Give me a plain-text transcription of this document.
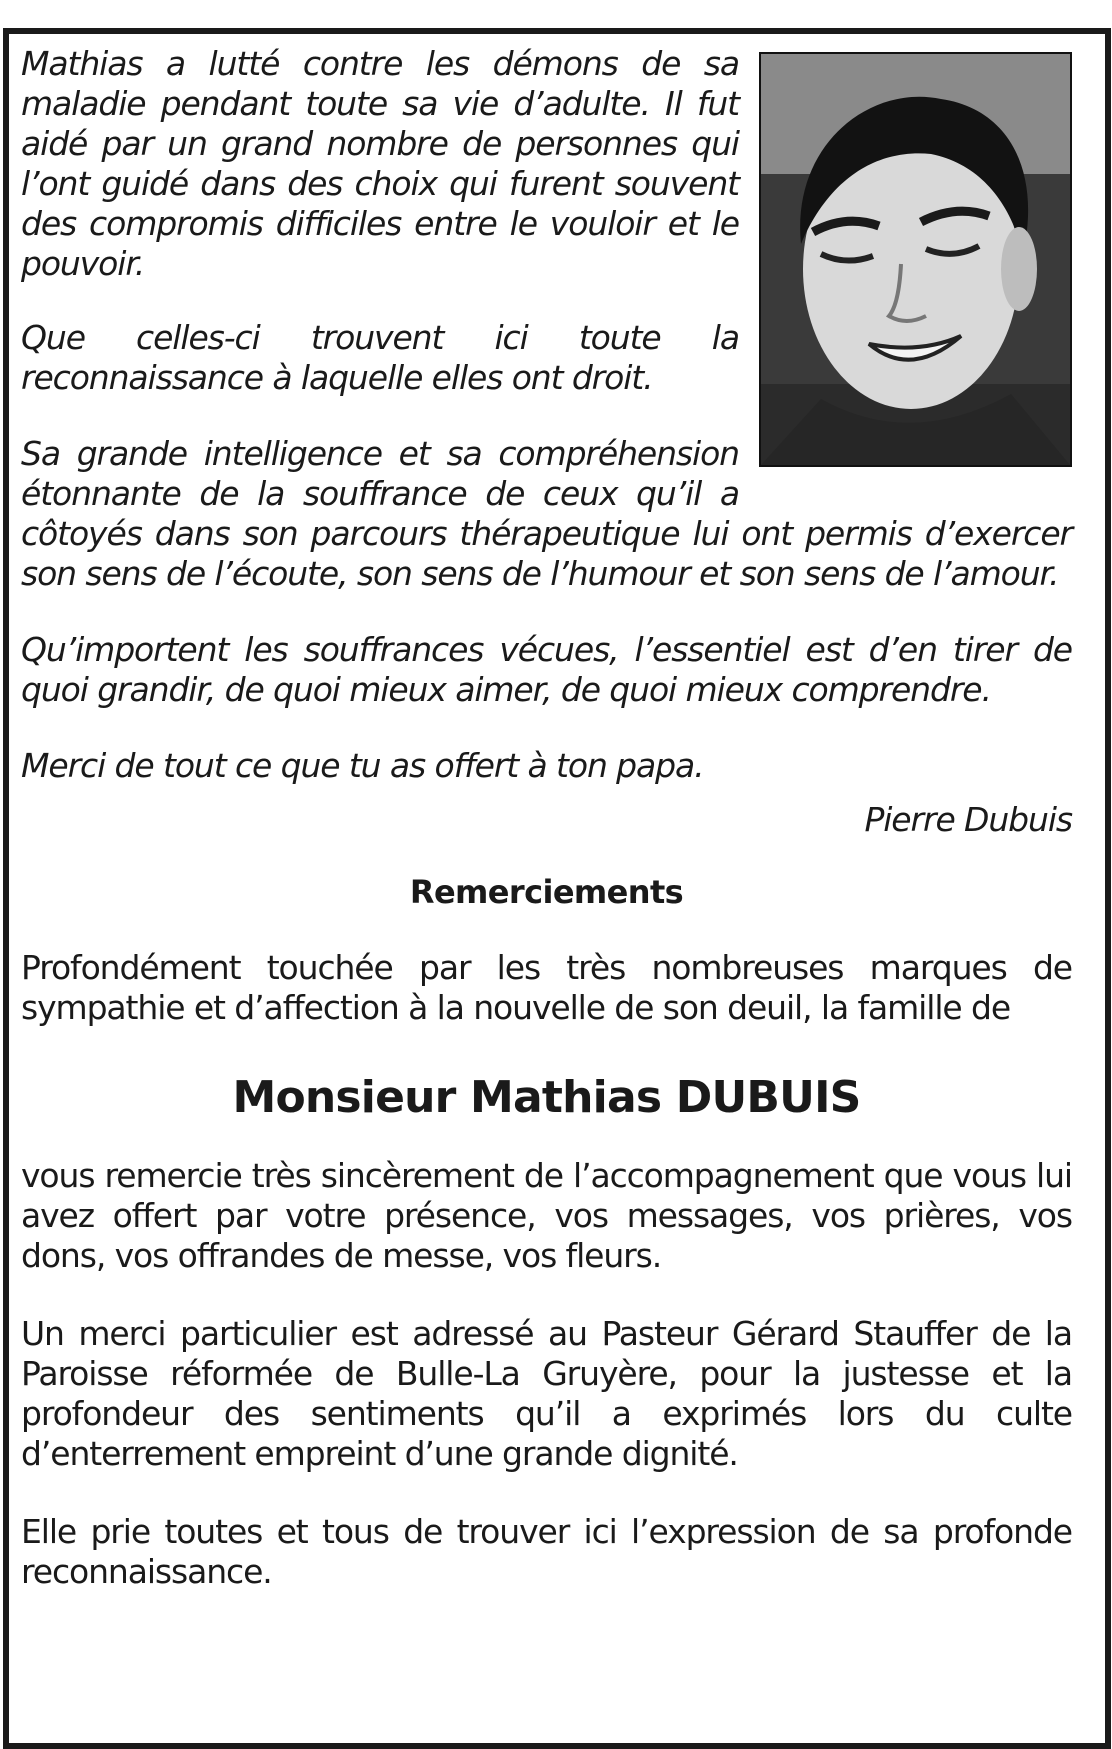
Mathias a lutté contre les démons de sa maladie pendant toute sa vie d’adulte. Il fut aidé par un grand nombre de personnes qui l’ont guidé dans des choix qui furent souvent des compromis difficiles entre le vouloir et le pouvoir.

Que celles-ci trouvent ici toute la reconnaissance à laquelle elles ont droit.

Sa grande intelligence et sa compréhension étonnante de la souffrance de ceux qu’il a côtoyés dans son parcours thérapeutique lui ont permis d’exercer son sens de l’écoute, son sens de l’humour et son sens de l’amour.

Qu’importent les souffrances vécues, l’essentiel est d’en tirer de quoi grandir, de quoi mieux aimer, de quoi mieux comprendre.

Merci de tout ce que tu as offert à ton papa.

Pierre Dubuis

Remerciements

Profondément touchée par les très nombreuses marques de sympathie et d’affection à la nouvelle de son deuil, la famille de

Monsieur Mathias DUBUIS

vous remercie très sincèrement de l’accompagnement que vous lui avez offert par votre présence, vos messages, vos prières, vos dons, vos offrandes de messe, vos fleurs.

Un merci particulier est adressé au Pasteur Gérard Stauffer de la Paroisse réformée de Bulle-La Gruyère, pour la justesse et la profondeur des sentiments qu’il a exprimés lors du culte d’enterrement empreint d’une grande dignité.

Elle prie toutes et tous de trouver ici l’expression de sa profonde reconnaissance.
